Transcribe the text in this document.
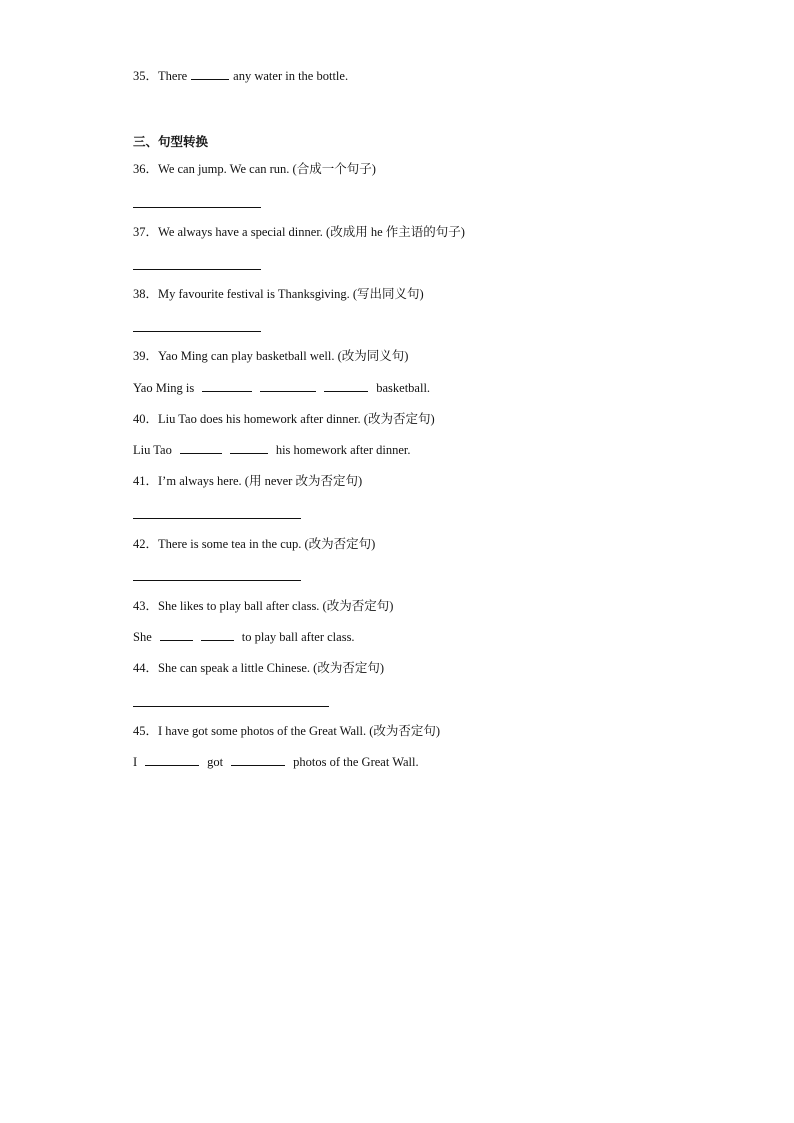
35．There	any water in the bottle.
三、句型转换
36．We can jump. We can run. (合成一个句子)
37．We always have a special dinner. (改成用 he 作主语的句子)
38．My favourite festival is Thanksgiving. (写出同义句)
39．Yao Ming can play basketball well. (改为同义句)
Yao Ming is	basketball.
40．Liu Tao does his homework after dinner. (改为否定句)
Liu Tao	his homework after dinner.
41．I’m always here. (用 never 改为否定句)
42．There is some tea in the cup. (改为否定句)
43．She likes to play ball after class. (改为否定句)
She	to play ball after class.
44．She can speak a little Chinese. (改为否定句)
45．I have got some photos of the Great Wall. (改为否定句)
I	got	photos of the Great Wall.
